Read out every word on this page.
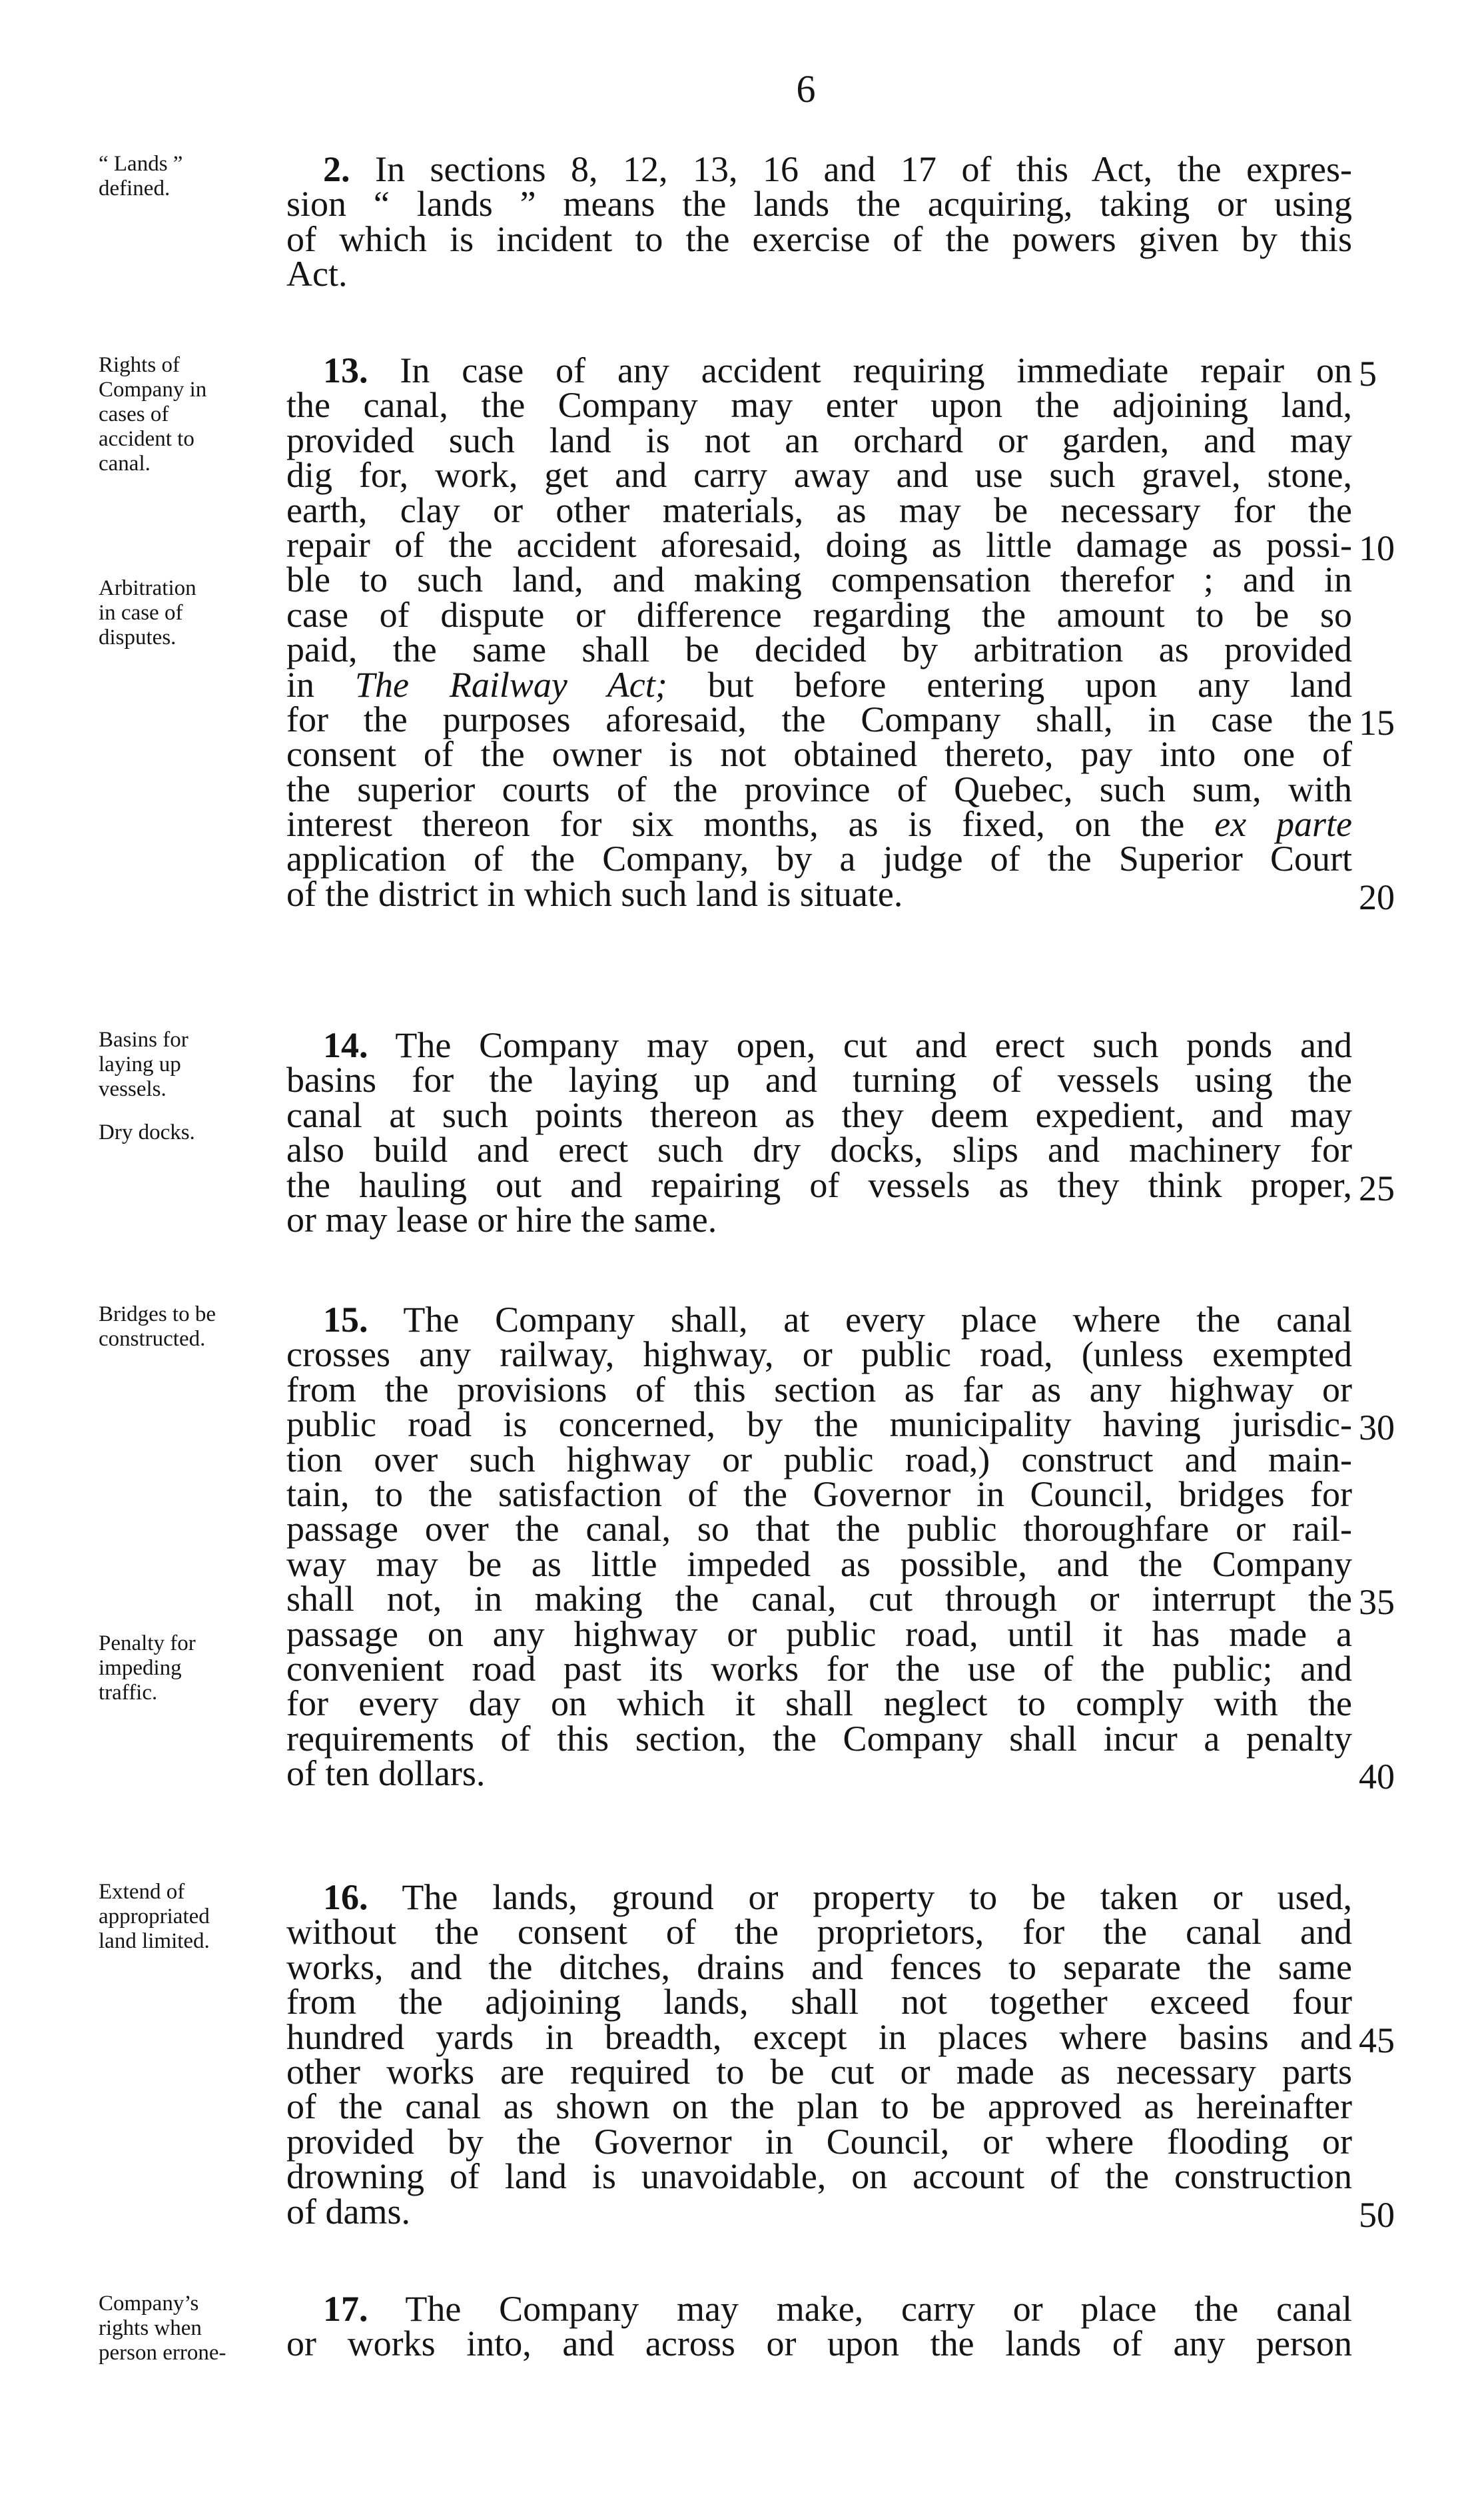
6
“ Lands ”
defined.	2. In sections 8, 12, 13, 16 and 17 of this Act, the expres-
sion “ lands ” means the lands the acquiring, taking or using
of which is incident to the exercise of the powers given by this
Act.
Rights of
Company in
cases of
accident to
canal.
Arbitration
in case of
disputes.
13. In case of any accident requiring immediate repair on
the canal, the Company may enter upon the adjoining land,
provided such land is not an orchard or garden, and may
dig for, work, get and carry away and use such gravel, stone,
earth, clay or other materials, as may be necessary for the
repair of the accident aforesaid, doing as little damage as possi-
ble to such land, and making compensation therefor ; and in
case of dispute or difference regarding the amount to be so
paid, the same shall be decided by arbitration as provided
in The Railway Act; but before entering upon any land
for the purposes aforesaid, the Company shall, in case the
consent of the owner is not obtained thereto, pay into one of
the superior courts of the province of Quebec, such sum, with
interest thereon for six months, as is fixed, on the ex parte
application of the Company, by a judge of the Superior Court
of the district in which such land is situate.
5
10
15
20
Basins for
laying up
vessels.
Dry docks.
14. The Company may open, cut and erect such ponds and
basins for the laying up and turning of vessels using the
canal at such points thereon as they deem expedient, and may
also build and erect such dry docks, slips and machinery for
the hauling out and repairing of vessels as they think proper,
or may lease or hire the same.
25
Bridges to be
constructed.
Penalty for
impeding
traffic.
15. The Company shall, at every place where the canal
crosses any railway, highway, or public road, (unless exempted
from the provisions of this section as far as any highway or
public road is concerned, by the municipality having jurisdic-
tion over such highway or public road,) construct and main-
tain, to the satisfaction of the Governor in Council, bridges for
passage over the canal, so that the public thoroughfare or rail-
way may be as little impeded as possible, and the Company
shall not, in making the canal, cut through or interrupt the
passage on any highway or public road, until it has made a
convenient road past its works for the use of the public; and
for every day on which it shall neglect to comply with the
requirements of this section, the Company shall incur a penalty
of ten dollars.
30
35
40
Extend of
appropriated
land limited.
16. The lands, ground or property to be taken or used,
without the consent of the proprietors, for the canal and
works, and the ditches, drains and fences to separate the same
from the adjoining lands, shall not together exceed four
hundred yards in breadth, except in places where basins and
other works are required to be cut or made as necessary parts
of the canal as shown on the plan to be approved as hereinafter
provided by the Governor in Council, or where flooding or
drowning of land is unavoidable, on account of the construction
of dams.
45
50
Company’s
rights when
person errone-
17. The Company may make, carry or place the canal
or works into, and across or upon the lands of any person
